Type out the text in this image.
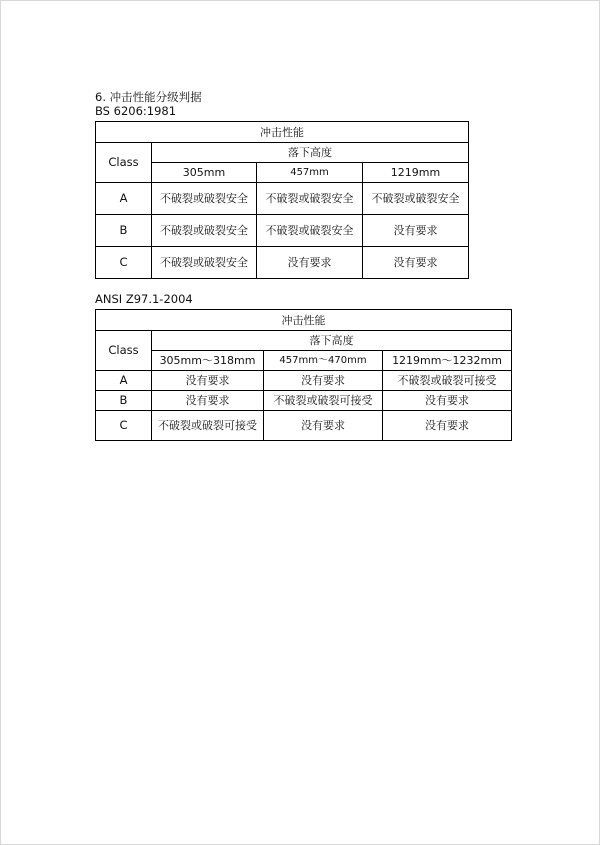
6. 冲击性能分级判据
BS 6206:1981
冲击性能			
Class	落下高度		
	305mm	457mm	1219mm
A	不破裂或破裂安全	不破裂或破裂安全	不破裂或破裂安全
B	不破裂或破裂安全	不破裂或破裂安全	没有要求
C	不破裂或破裂安全	没有要求	没有要求
ANSI Z97.1-2004
冲击性能			
Class	落下高度		
	305mm～318mm	457mm～470mm	1219mm～1232mm
A	没有要求	没有要求	不破裂或破裂可接受
B	没有要求	不破裂或破裂可接受	没有要求
C	不破裂或破裂可接受	没有要求	没有要求
